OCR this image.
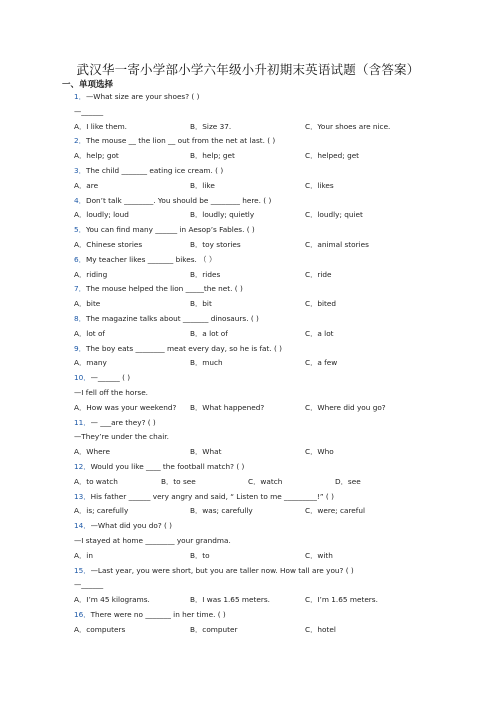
武汉华一寄小学部小学六年级小升初期末英语试题（含答案）
一、单项选择
1．—What size are your shoes? ( )
—______
A．I like them.	B．Size 37.	C．Your shoes are nice.
2．The mouse __ the lion __ out from the net at last. ( )
A．help; got	B．help; get	C．helped; get
3．The child _______ eating ice cream. ( )
A．are	B．like	C．likes
4．Don’t talk ________. You should be ________ here. ( )
A．loudly; loud	B．loudly; quietly	C．loudly; quiet
5．You can find many ______ in Aesop’s Fables. ( )
A．Chinese stories	B．toy stories	C．animal stories
6．My teacher likes _______ bikes. （ ）
A．riding	B．rides	C．ride
7．The mouse helped the lion _____the net. ( )
A．bite	B．bit	C．bited
8．The magazine talks about _______ dinosaurs. ( )
A．lot of	B．a lot of	C．a lot
9．The boy eats ________ meat every day, so he is fat. ( )
A．many	B．much	C．a few
10．—______ ( )
—I fell off the horse.
A．How was your weekend? B．What happened?	C．Where did you go?
11．— ___are they? ( )
—They’re under the chair.
A．Where	B．What	C．Who
12．Would you like ____ the football match? ( )
A．to watch	B．to see	C．watch	D．see
13．His father ______ very angry and said, “ Listen to me _________!” ( )
A．is; carefully	B．was; carefully	C．were; careful
14．—What did you do? ( )
—I stayed at home ________ your grandma.
A．in	B．to	C．with
15．—Last year, you were short, but you are taller now. How tall are you? ( )
—______
A．I’m 45 kilograms.	B．I was 1.65 meters.	C．I’m 1.65 meters.
16．There were no _______ in her time. ( )
A．computers	B．computer	C．hotel
